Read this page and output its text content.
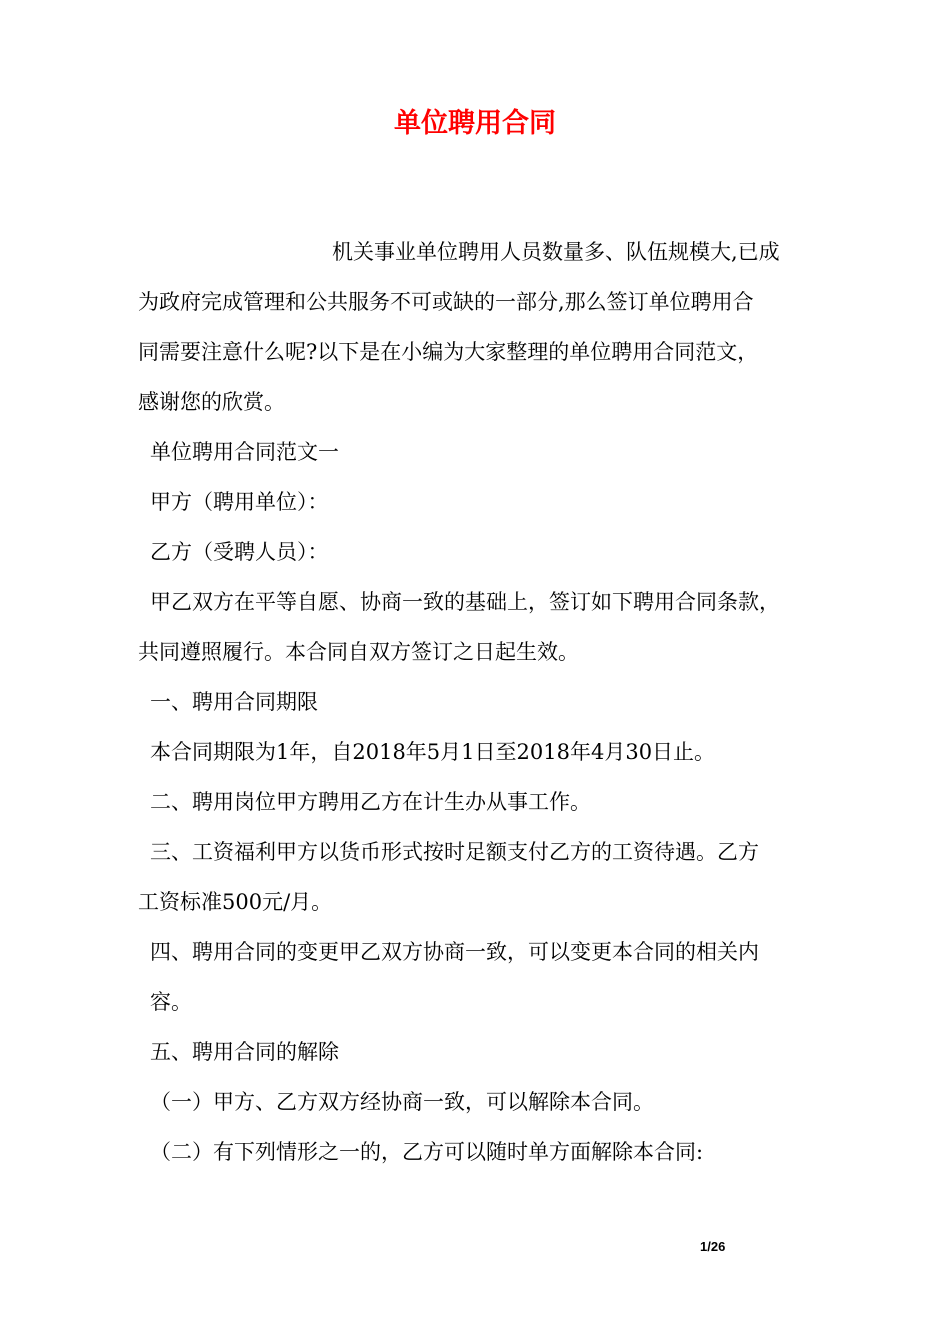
单位聘用合同

机关事业单位聘用人员数量多、队伍规模大,已成

为政府完成管理和公共服务不可或缺的一部分,那么签订单位聘用合

同需要注意什么呢?以下是在小编为大家整理的单位聘用合同范文，

感谢您的欣赏。

单位聘用合同范文一

甲方（聘用单位）：

乙方（受聘人员）：

甲乙双方在平等自愿、协商一致的基础上，签订如下聘用合同条款，

共同遵照履行。本合同自双方签订之日起生效。

一、聘用合同期限

本合同期限为1年，自2018年5月1日至2018年4月30日止。

二、聘用岗位甲方聘用乙方在计生办从事工作。

三、工资福利甲方以货币形式按时足额支付乙方的工资待遇。乙方

工资标准500元/月。

四、聘用合同的变更甲乙双方协商一致，可以变更本合同的相关内

容。

五、聘用合同的解除

（一）甲方、乙方双方经协商一致，可以解除本合同。

（二）有下列情形之一的，乙方可以随时单方面解除本合同:

1/26
